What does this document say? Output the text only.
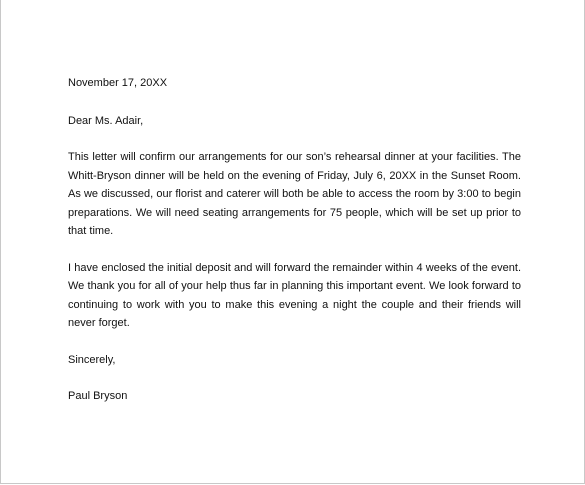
November 17, 20XX

Dear Ms. Adair,

This letter will confirm our arrangements for our son’s rehearsal dinner at your facilities. The Whitt-Bryson dinner will be held on the evening of Friday, July 6, 20XX in the Sunset Room. As we discussed, our florist and caterer will both be able to access the room by 3:00 to begin preparations. We will need seating arrangements for 75 people, which will be set up prior to that time.

I have enclosed the initial deposit and will forward the remainder within 4 weeks of the event. We thank you for all of your help thus far in planning this important event. We look forward to continuing to work with you to make this evening a night the couple and their friends will never forget.

Sincerely,

Paul Bryson
